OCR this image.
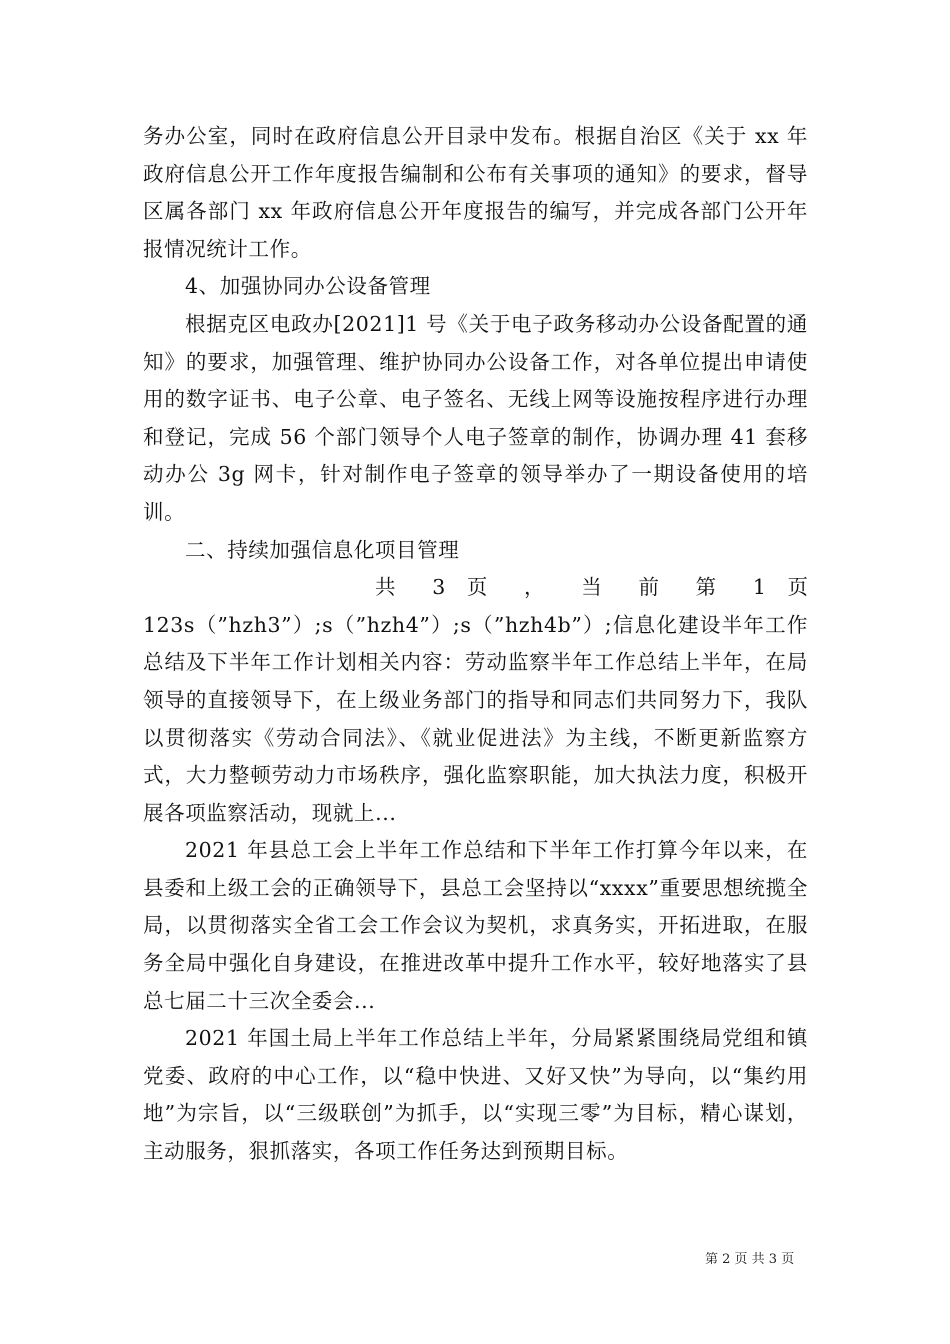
务办公室，同时在政府信息公开目录中发布。根据自治区《关于 xx 年政府信息公开工作年度报告编制和公布有关事项的通知》的要求，督导区属各部门 xx 年政府信息公开年度报告的编写，并完成各部门公开年报情况统计工作。

4、加强协同办公设备管理

根据克区电政办[2021]1 号《关于电子政务移动办公设备配置的通知》的要求，加强管理、维护协同办公设备工作，对各单位提出申请使用的数字证书、电子公章、电子签名、无线上网等设施按程序进行办理和登记，完成 56 个部门领导个人电子签章的制作，协调办理 41 套移动办公 3g 网卡，针对制作电子签章的领导举办了一期设备使用的培训。

二、持续加强信息化项目管理

共 3 页 ， 当 前 第 1 页

123s（”hzh3”）;s（”hzh4”）;s（”hzh4b”）;信息化建设半年工作总结及下半年工作计划相关内容：劳动监察半年工作总结上半年，在局领导的直接领导下，在上级业务部门的指导和同志们共同努力下，我队以贯彻落实《劳动合同法》、《就业促进法》为主线，不断更新监察方式，大力整顿劳动力市场秩序，强化监察职能，加大执法力度，积极开展各项监察活动，现就上...

2021 年县总工会上半年工作总结和下半年工作打算今年以来，在县委和上级工会的正确领导下，县总工会坚持以“xxxx”重要思想统揽全局，以贯彻落实全省工会工作会议为契机，求真务实，开拓进取，在服务全局中强化自身建设，在推进改革中提升工作水平，较好地落实了县总七届二十三次全委会...

2021 年国土局上半年工作总结上半年，分局紧紧围绕局党组和镇党委、政府的中心工作，以“稳中快进、又好又快”为导向，以“集约用地”为宗旨，以“三级联创”为抓手，以“实现三零”为目标，精心谋划，主动服务，狠抓落实，各项工作任务达到预期目标。

第 2 页 共 3 页
